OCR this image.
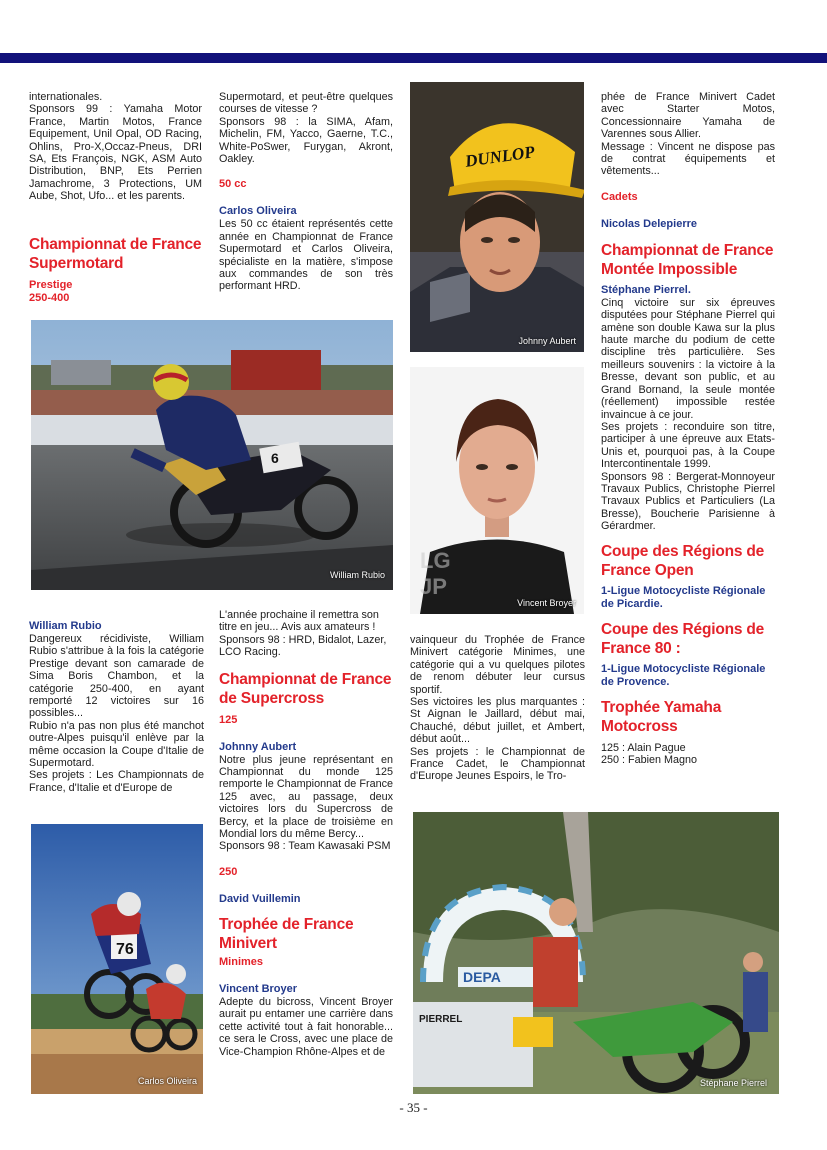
internationales.

Sponsors 99 : Yamaha Motor France, Martin Motos, France Equipement, Unil Opal, OD Racing, Ohlins, Pro-X,Occaz-Pneus, DRI SA, Ets François, NGK, ASM Auto Distribution, BNP, Ets Perrien Jamachrome, 3 Protections, UM Aube, Shot, Ufo... et les parents.

Championnat de France Supermotard

Prestige

250-400

William Rubio

Dangereux récidiviste, William Rubio s'attribue à la fois la catégorie Prestige devant son camarade de Sima Boris Chambon, et la catégorie 250-400, en ayant remporté 12 victoires sur 16 possibles...

Rubio n'a pas non plus été manchot outre-Alpes puisqu'il enlève par la même occasion la Coupe d'Italie de Supermotard.

Ses projets : Les Championnats de France, d'Italie et d'Europe de

Supermotard, et peut-être quelques courses de vitesse ?

Sponsors 98 : la SIMA, Afam, Michelin, FM, Yacco, Gaerne, T.C., White-PoSwer, Furygan, Akront, Oakley.

50 cc

Carlos Oliveira

Les 50 cc étaient représentés cette année en Championnat de France Supermotard et Carlos Oliveira, spécialiste en la matière, s'impose aux commandes de son très performant HRD.

L'année prochaine il remettra son titre en jeu... Avis aux amateurs !

Sponsors 98 : HRD, Bidalot, Lazer, LCO Racing.

Championnat de France de Supercross

125

Johnny Aubert

Notre plus jeune représentant en Championnat du monde 125 remporte le Championnat de France 125 avec, au passage, deux victoires lors du Supercross de Bercy, et la place de troisième en Mondial lors du même Bercy...

Sponsors 98 : Team Kawasaki PSM

250

David Vuillemin

Trophée de France Minivert

Minimes

Vincent Broyer

Adepte du bicross, Vincent Broyer aurait pu entamer une carrière dans cette activité tout à fait honorable... ce sera le Cross, avec une place de Vice-Champion Rhône-Alpes et de

vainqueur du Trophée de France Minivert catégorie Minimes, une catégorie qui a vu quelques pilotes de renom débuter leur cursus sportif.

Ses victoires les plus marquantes : St Aignan le Jaillard, début mai, Chauché, début juillet, et Ambert, début août...

Ses projets : le Championnat de France Cadet, le Championnat d'Europe Jeunes Espoirs, le Tro-

phée de France Minivert Cadet avec Starter Motos, Concessionnaire Yamaha de Varennes sous Allier.

Message : Vincent ne dispose pas de contrat équipements et vêtements...

Cadets

Nicolas Delepierre

Championnat de France Montée Impossible

Stéphane Pierrel.

Cinq victoire sur six épreuves disputées pour Stéphane Pierrel qui amène son double Kawa sur la plus haute marche du podium de cette discipline très particulière. Ses meilleurs souvenirs : la victoire à la Bresse, devant son public, et au Grand Bornand, la seule montée (réellement) impossible restée invaincue à ce jour.

Ses projets : reconduire son titre, participer à une épreuve aux Etats-Unis et, pourquoi pas, à la Coupe Intercontinentale 1999.

Sponsors 98 : Bergerat-Monnoyeur Travaux Publics, Christophe Pierrel Travaux Publics et Particuliers (La Bresse), Boucherie Parisienne à Gérardmer.

Coupe des Régions de France Open

1-Ligue Motocycliste Régionale de Picardie.

Coupe des Régions de France 80 :

1-Ligue Motocycliste Régionale de Provence.

Trophée Yamaha Motocross

125 : Alain Pague

250 : Fabien Magno

6
William Rubio
DUNLOP
Johnny Aubert
Vincent Broyer
LG JP
76
Carlos Oliveira
DEPA
PIERREL
Stéphane Pierrel
- 35 -
